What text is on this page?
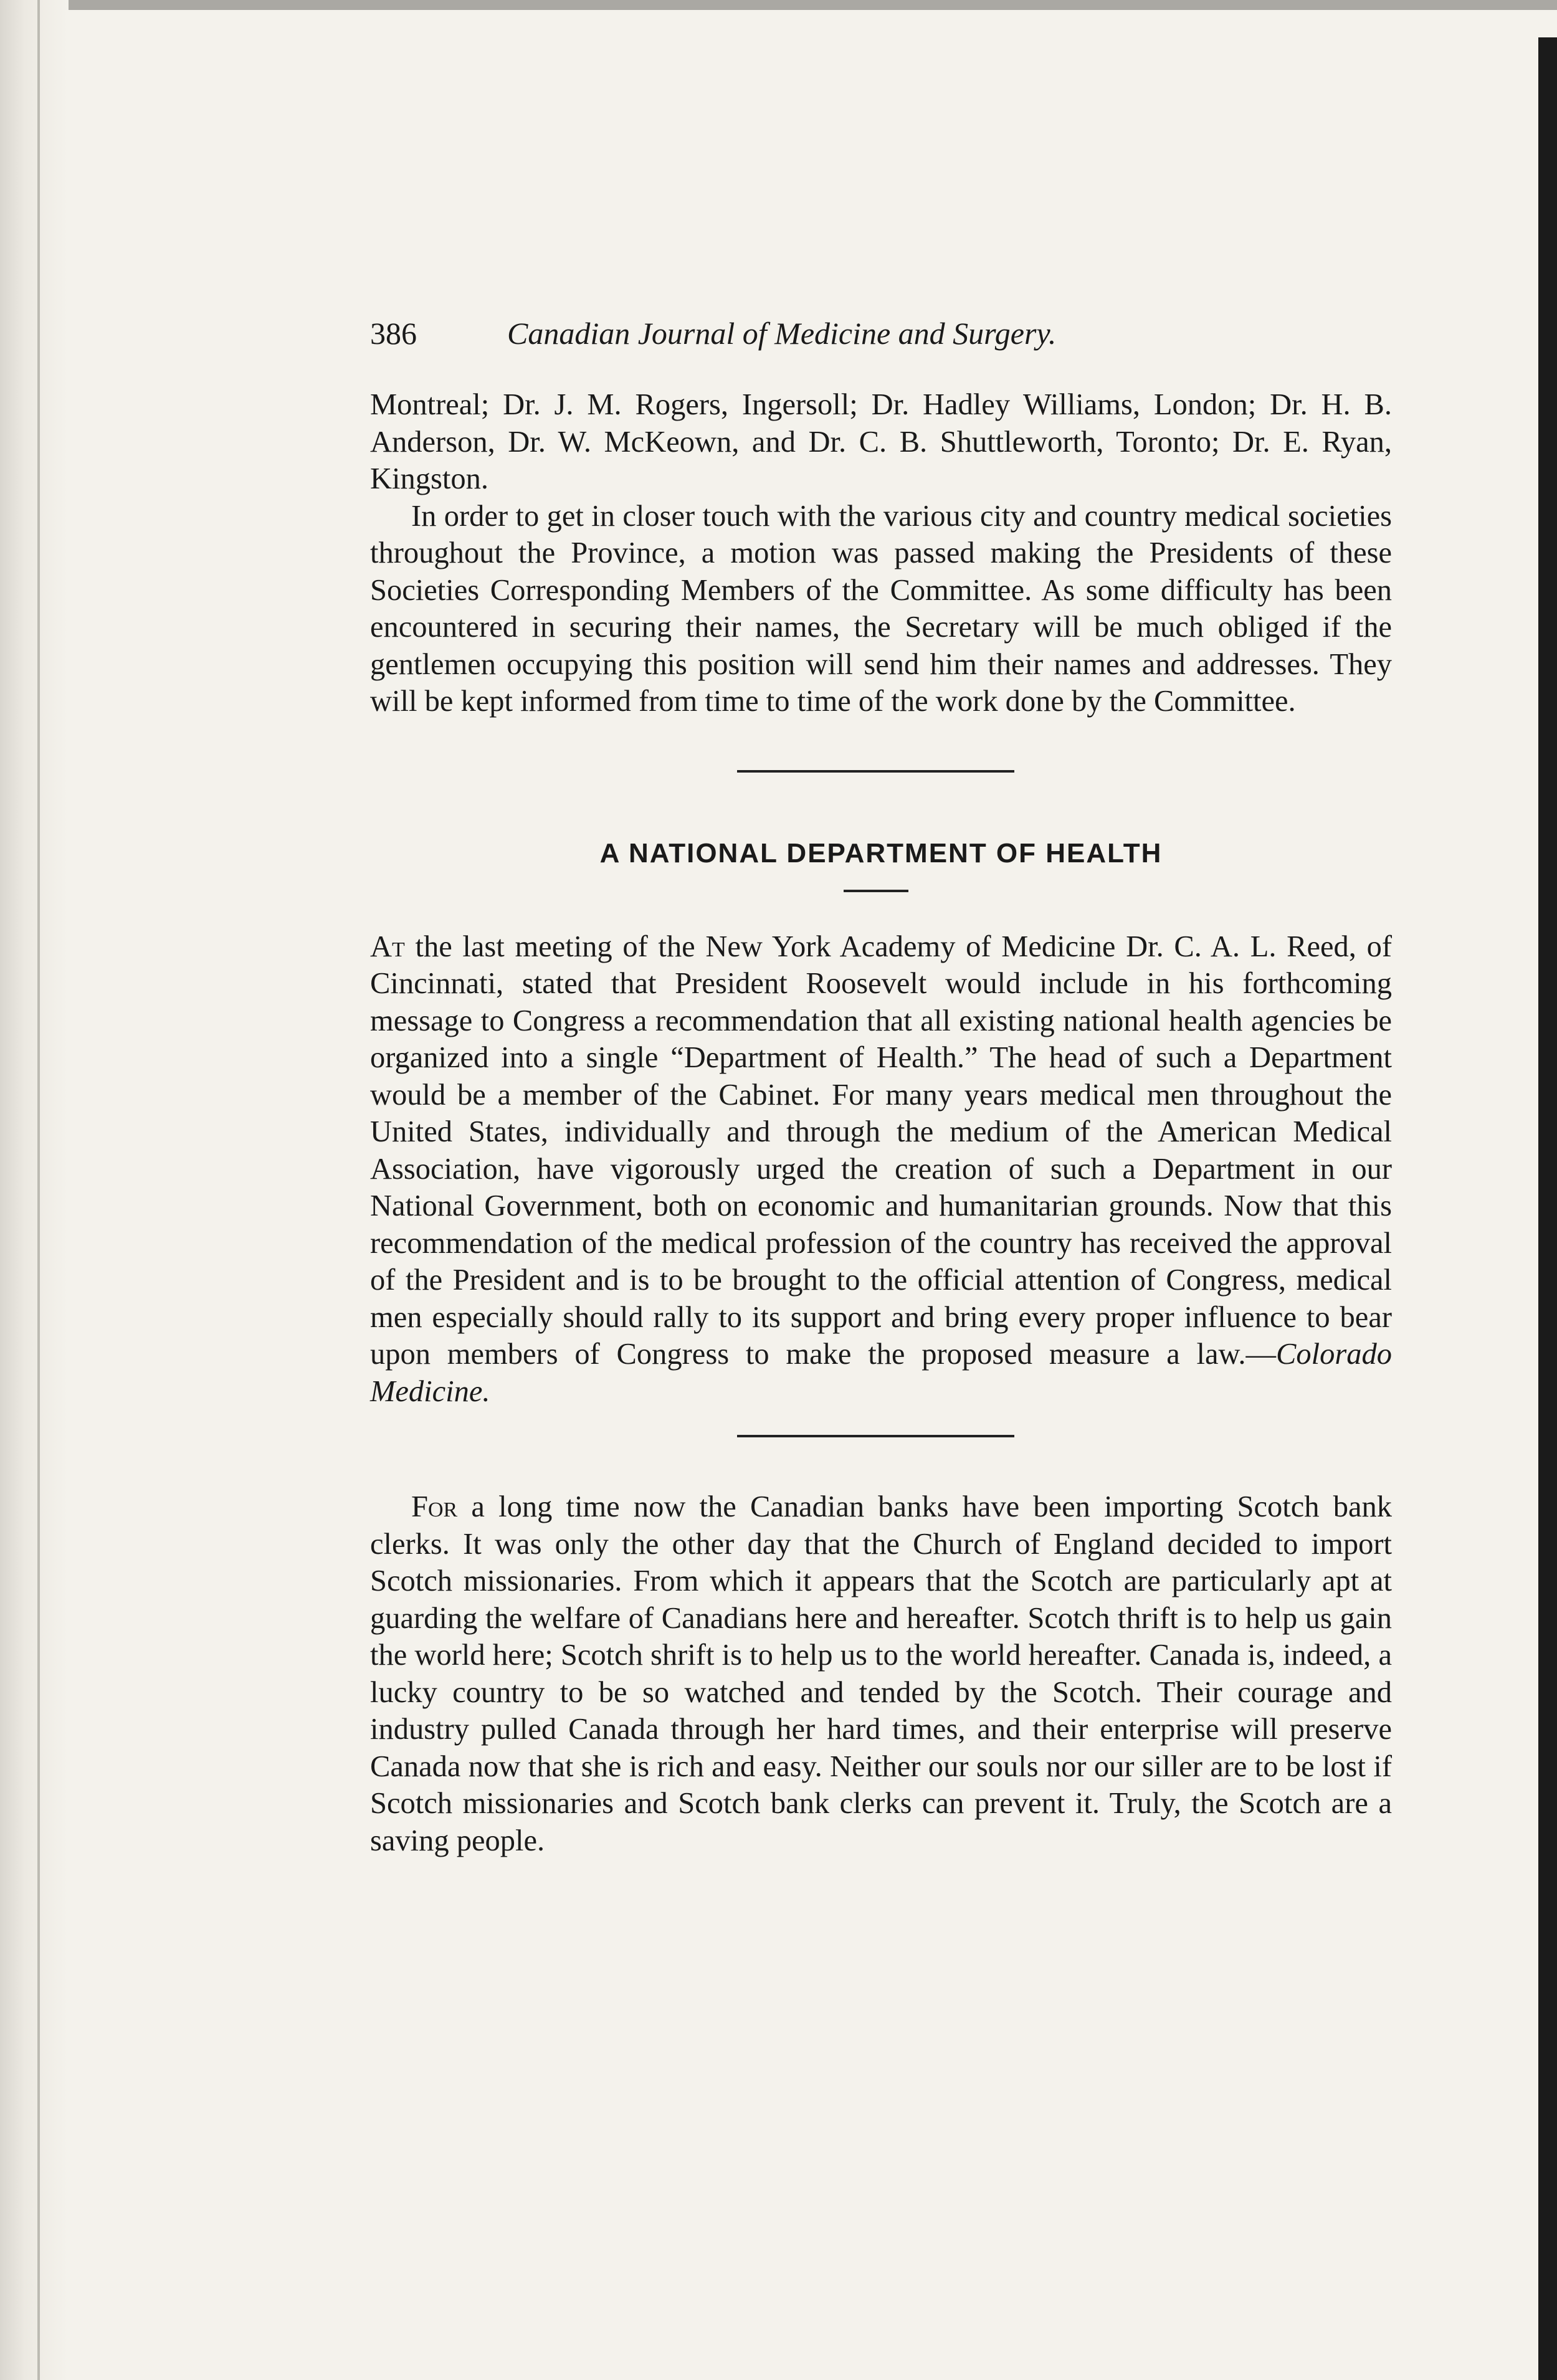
386	Canadian Journal of Medicine and Surgery.

Montreal; Dr. J. M. Rogers, Ingersoll; Dr. Hadley Williams, London; Dr. H. B. Anderson, Dr. W. McKeown, and Dr. C. B. Shuttleworth, Toronto; Dr. E. Ryan, Kingston.

In order to get in closer touch with the various city and country medical societies throughout the Province, a motion was passed making the Presidents of these Societies Corresponding Members of the Committee. As some difficulty has been encountered in securing their names, the Secretary will be much obliged if the gentlemen occupying this position will send him their names and addresses. They will be kept informed from time to time of the work done by the Committee.

A NATIONAL DEPARTMENT OF HEALTH

At the last meeting of the New York Academy of Medicine Dr. C. A. L. Reed, of Cincinnati, stated that President Roosevelt would include in his forthcoming message to Congress a recommendation that all existing national health agencies be organized into a single “Department of Health.” The head of such a Department would be a member of the Cabinet. For many years medical men throughout the United States, individually and through the medium of the American Medical Association, have vigorously urged the creation of such a Department in our National Government, both on economic and humanitarian grounds. Now that this recommendation of the medical profession of the country has received the approval of the President and is to be brought to the official attention of Congress, medical men especially should rally to its support and bring every proper influence to bear upon members of Congress to make the proposed measure a law.—Colorado Medicine.

For a long time now the Canadian banks have been importing Scotch bank clerks. It was only the other day that the Church of England decided to import Scotch missionaries. From which it appears that the Scotch are particularly apt at guarding the welfare of Canadians here and hereafter. Scotch thrift is to help us gain the world here; Scotch shrift is to help us to the world hereafter. Canada is, indeed, a lucky country to be so watched and tended by the Scotch. Their courage and industry pulled Canada through her hard times, and their enterprise will preserve Canada now that she is rich and easy. Neither our souls nor our siller are to be lost if Scotch missionaries and Scotch bank clerks can prevent it. Truly, the Scotch are a saving people.
